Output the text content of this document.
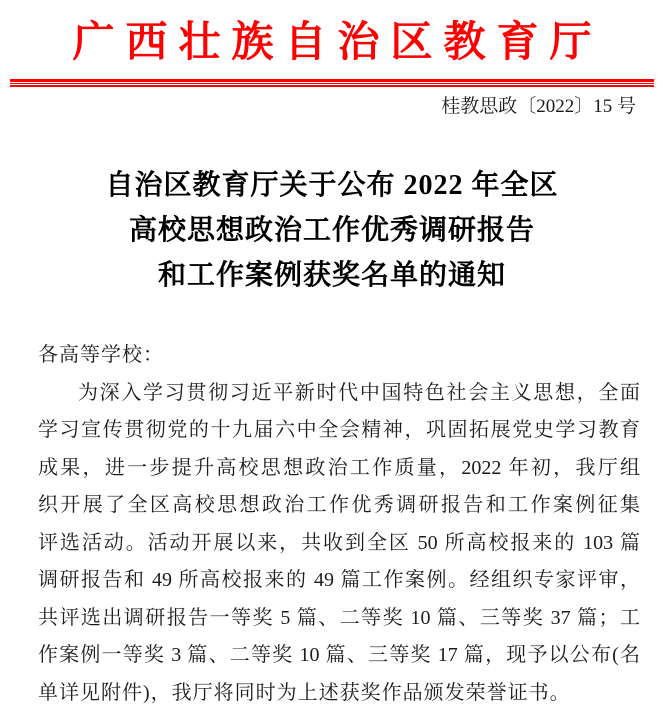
广西壮族自治区教育厅
桂教思政〔2022〕15 号
自治区教育厅关于公布 2022 年全区
高校思想政治工作优秀调研报告
和工作案例获奖名单的通知
各高等学校：
为深入学习贯彻习近平新时代中国特色社会主义思想，全面
学习宣传贯彻党的十九届六中全会精神，巩固拓展党史学习教育
成果，进一步提升高校思想政治工作质量，2022 年初，我厅组
织开展了全区高校思想政治工作优秀调研报告和工作案例征集
评选活动。活动开展以来，共收到全区 50 所高校报来的 103 篇
调研报告和 49 所高校报来的 49 篇工作案例。经组织专家评审，
共评选出调研报告一等奖 5 篇、二等奖 10 篇、三等奖 37 篇；工
作案例一等奖 3 篇、二等奖 10 篇、三等奖 17 篇，现予以公布(名
单详见附件)，我厅将同时为上述获奖作品颁发荣誉证书。
